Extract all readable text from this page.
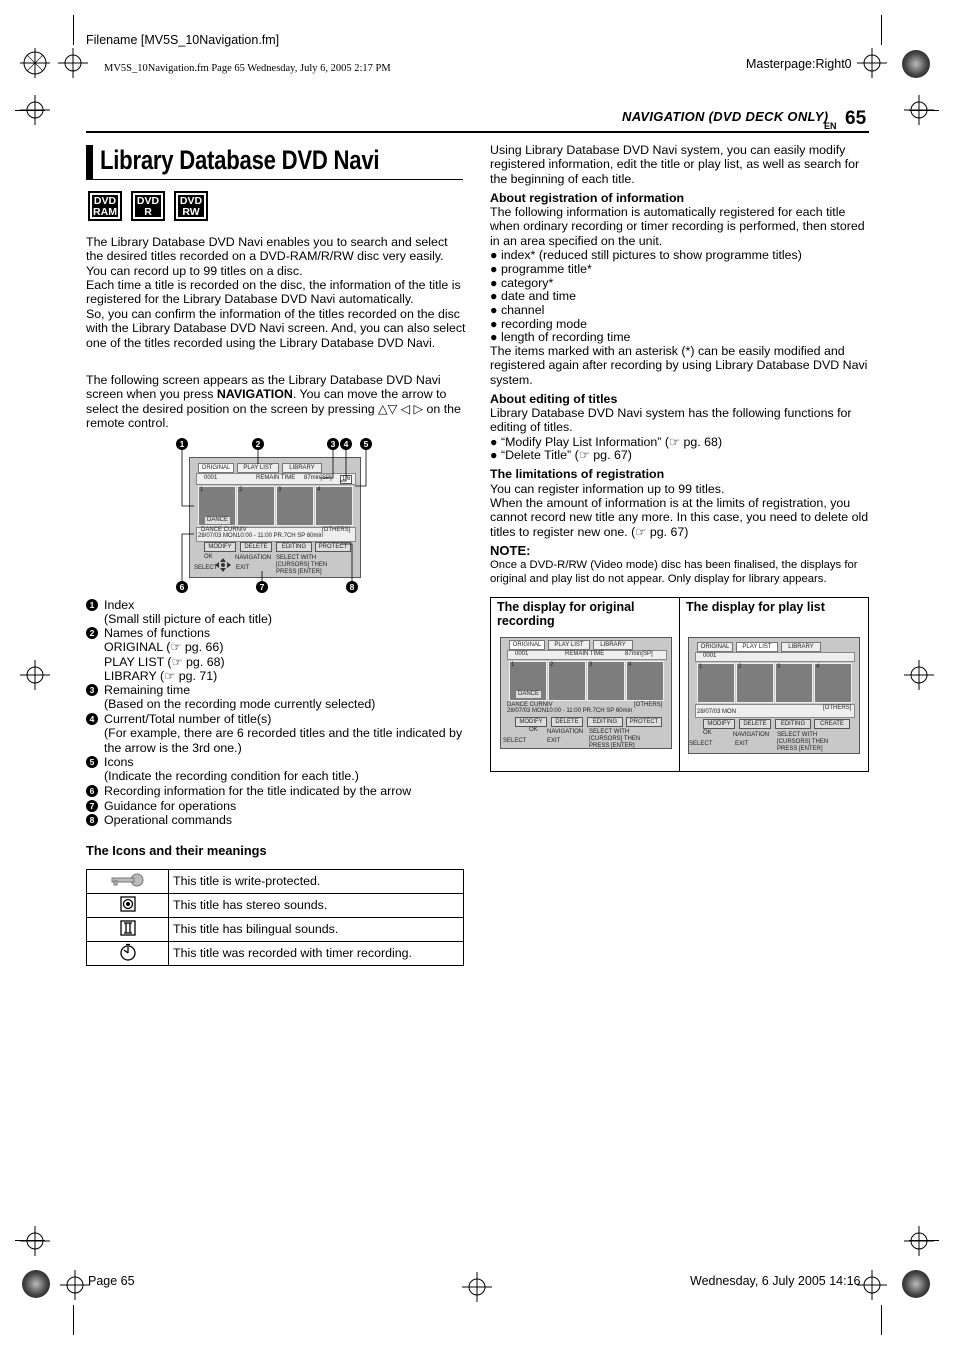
Filename [MV5S_10Navigation.fm]
MV5S_10Navigation.fm Page 65 Wednesday, July 6, 2005 2:17 PM	Masterpage:Right0
Page 65	Wednesday, 6 July 2005 14:16
NAVIGATION (DVD DECK ONLY)
EN 65
Library Database DVD Navi
DVD
RAM
DVD
R
DVD
RW
The Library Database DVD Navi enables you to search and select the desired titles recorded on a DVD-RAM/R/RW disc very easily. You can record up to 99 titles on a disc.
Each time a title is recorded on the disc, the information of the title is registered for the Library Database DVD Navi automatically.
So, you can confirm the information of the titles recorded on the disc with the Library Database DVD Navi screen. And, you can also select one of the titles recorded using the Library Database DVD Navi.
The following screen appears as the Library Database DVD Navi screen when you press NAVIGATION. You can move the arrow to select the desired position on the screen by pressing △▽ ◁ ▷ on the remote control.
ORIGINAL	PLAY LIST	LIBRARY
0001	REMAIN TIME 87min[SP]	1/6
1
DANCE
2	3	4
DANCE CURNIV	[OTHERS]
28/07/03 MON10:00 - 11:00 PR.7CH SP 60min
MODIFY	DELETE	EDITING	PROTECT
OK
SELECT
NAVIGATION
EXIT
SELECT WITH [CURSORS] THEN PRESS [ENTER]
1	2	3 4	5
6	7	8
1 Index
(Small still picture of each title)
2 Names of functions
ORIGINAL (☞ pg. 66)
PLAY LIST (☞ pg. 68)
LIBRARY (☞ pg. 71)
3 Remaining time
(Based on the recording mode currently selected)
4 Current/Total number of title(s)
(For example, there are 6 recorded titles and the title indicated by the arrow is the 3rd one.)
5 Icons
(Indicate the recording condition for each title.)
6 Recording information for the title indicated by the arrow
7 Guidance for operations
8 Operational commands
The Icons and their meanings
	This title is write-protected.
	This title has stereo sounds.
	This title has bilingual sounds.
	This title was recorded with timer recording.
Using Library Database DVD Navi system, you can easily modify registered information, edit the title or play list, as well as search for the beginning of each title.
About registration of information
The following information is automatically registered for each title when ordinary recording or timer recording is performed, then stored in an area specified on the unit.
● index* (reduced still pictures to show programme titles)
● programme title*
● category*
● date and time
● channel
● recording mode
● length of recording time
The items marked with an asterisk (*) can be easily modified and registered again after recording by using Library Database DVD Navi system.
About editing of titles
Library Database DVD Navi system has the following functions for editing of titles.
● “Modify Play List Information” (☞ pg. 68)
● “Delete Title” (☞ pg. 67)
The limitations of registration
You can register information up to 99 titles.
When the amount of information is at the limits of registration, you cannot record new title any more. In this case, you need to delete old titles to register new one. (☞ pg. 67)
NOTE:
Once a DVD-R/RW (Video mode) disc has been finalised, the displays for original and play list do not appear. Only display for library appears.
The display for original recording
ORIGINAL	PLAY LIST	LIBRARY
0001	REMAIN TIME	87min[SP]
1
DANCE
2	3	4
DANCE CURNIV	[OTHERS]
28/07/03 MON10:00 - 11:00 PR.7CH SP 60min
MODIFY	DELETE	EDITING	PROTECT
OK
SELECT
NAVIGATION
EXIT
SELECT WITH [CURSORS] THEN PRESS [ENTER]

The display for play list
ORIGINAL	PLAY LIST	LIBRARY
0001
1	2	3	4
28/07/03 MON
[OTHERS]
MODIFY	DELETE	EDITING	CREATE
OK
SELECT
NAVIGATION
EXIT
SELECT WITH [CURSORS] THEN PRESS [ENTER]
